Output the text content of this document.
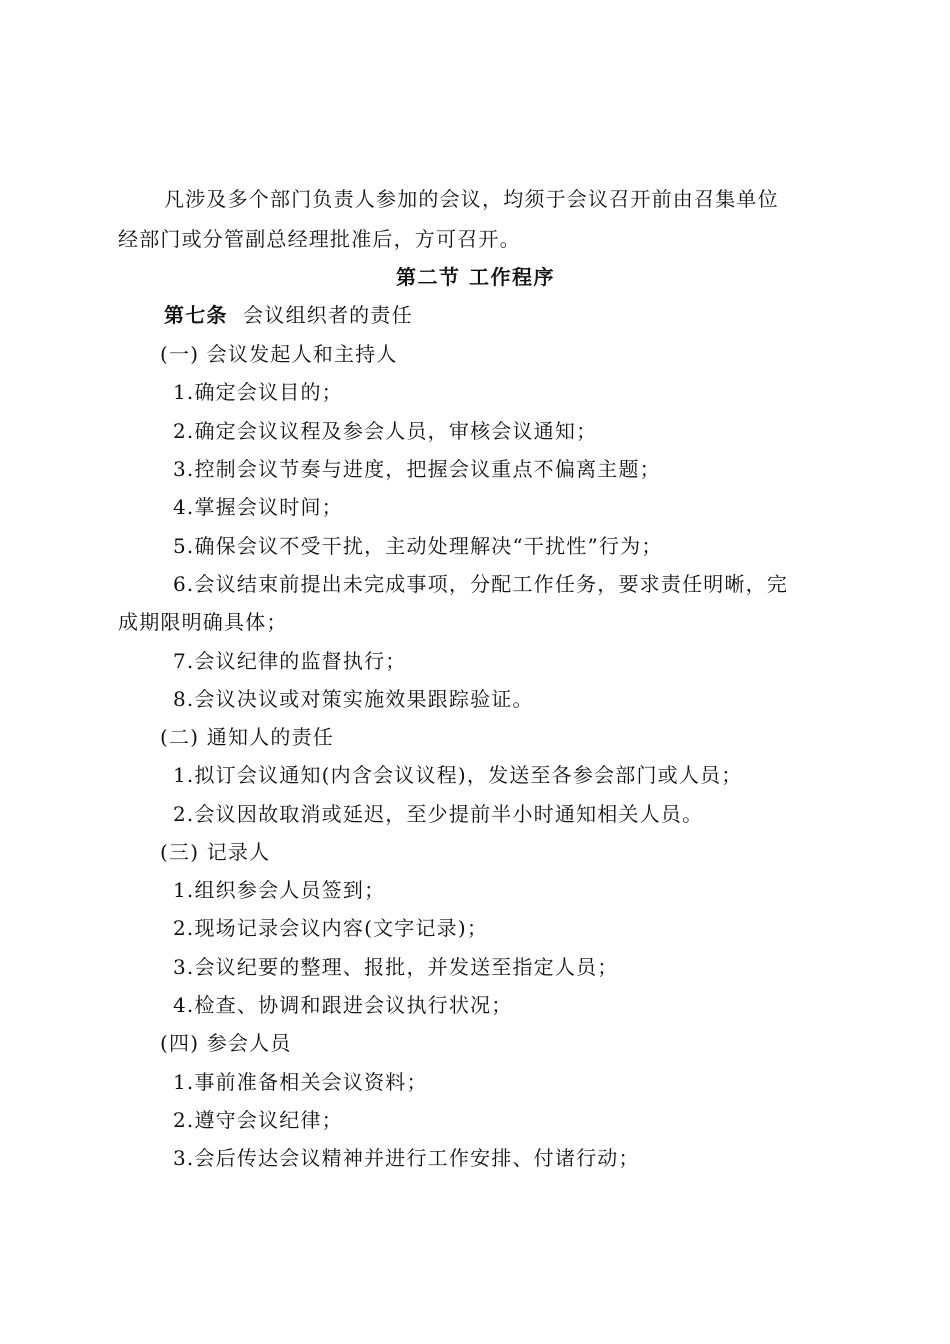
凡涉及多个部门负责人参加的会议，均须于会议召开前由召集单位
经部门或分管副总经理批准后，方可召开。
第二节 工作程序
第七条 会议组织者的责任
(一) 会议发起人和主持人
1.确定会议目的；
2.确定会议议程及参会人员，审核会议通知；
3.控制会议节奏与进度，把握会议重点不偏离主题；
4.掌握会议时间；
5.确保会议不受干扰，主动处理解决“干扰性”行为；
6.会议结束前提出未完成事项，分配工作任务，要求责任明晰，完
成期限明确具体；
7.会议纪律的监督执行；
8.会议决议或对策实施效果跟踪验证。
(二) 通知人的责任
1.拟订会议通知(内含会议议程)，发送至各参会部门或人员；
2.会议因故取消或延迟，至少提前半小时通知相关人员。
(三) 记录人
1.组织参会人员签到；
2.现场记录会议内容(文字记录)；
3.会议纪要的整理、报批，并发送至指定人员；
4.检查、协调和跟进会议执行状况；
(四) 参会人员
1.事前准备相关会议资料；
2.遵守会议纪律；
3.会后传达会议精神并进行工作安排、付诸行动；
